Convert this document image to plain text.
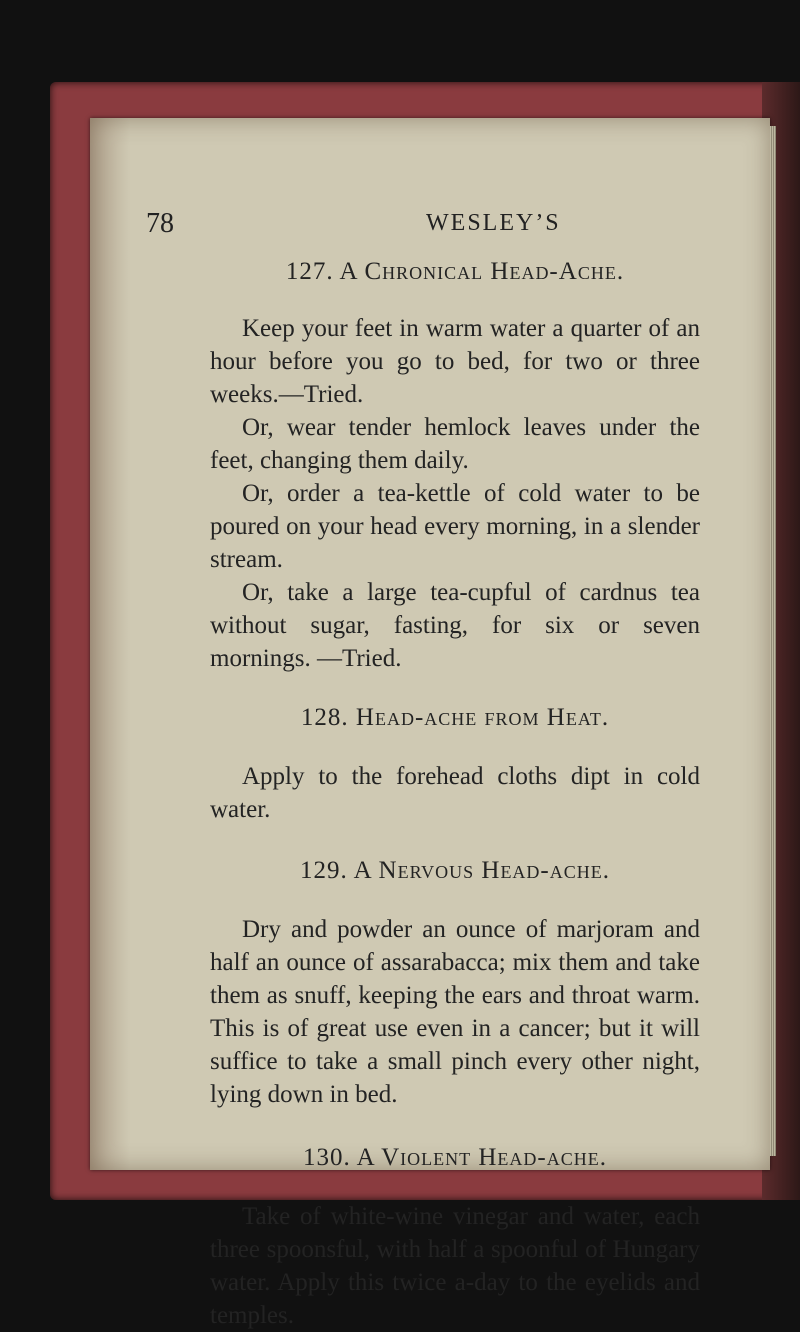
78	WESLEY’S
127. A Chronical Head-Ache.

Keep your feet in warm water a quarter of an hour before you go to bed, for two or three weeks.—Tried.

Or, wear tender hemlock leaves under the feet, changing them daily.

Or, order a tea-kettle of cold water to be poured on your head every morning, in a slender stream.

Or, take a large tea-cupful of cardnus tea without sugar, fasting, for six or seven mornings. —Tried.

128. Head-ache from Heat.

Apply to the forehead cloths dipt in cold water.

129. A Nervous Head-ache.

Dry and powder an ounce of marjoram and half an ounce of assarabacca; mix them and take them as snuff, keeping the ears and throat warm. This is of great use even in a cancer; but it will suffice to take a small pinch every other night, lying down in bed.

130. A Violent Head-ache.

Take of white-wine vinegar and water, each three spoonsful, with half a spoonful of Hungary water. Apply this twice a-day to the eyelids and temples.
